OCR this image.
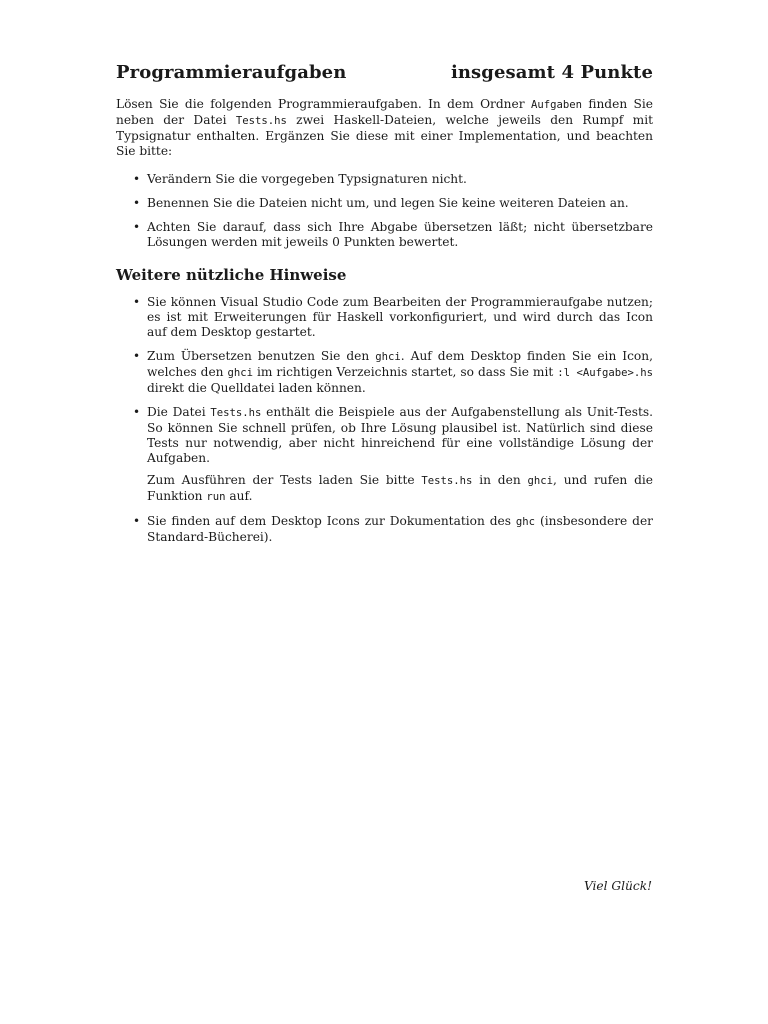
Programmieraufgaben	insgesamt 4 Punkte

Lösen Sie die folgenden Programmieraufgaben. In dem Ordner Aufgaben finden Sie neben der Datei Tests.hs zwei Haskell-Dateien, welche jeweils den Rumpf mit Typsignatur enthalten. Ergänzen Sie diese mit einer Implementation, und beachten Sie bitte:

• Verändern Sie die vorgegeben Typsignaturen nicht.
• Benennen Sie die Dateien nicht um, und legen Sie keine weiteren Dateien an.
• Achten Sie darauf, dass sich Ihre Abgabe übersetzen läßt; nicht übersetzbare Lösungen werden mit jeweils 0 Punkten bewertet.
Weitere nützliche Hinweise
• Sie können Visual Studio Code zum Bearbeiten der Programmieraufgabe nutzen; es ist mit Erweiterungen für Haskell vorkonfiguriert, und wird durch das Icon auf dem Desktop gestartet.
• Zum Übersetzen benutzen Sie den ghci. Auf dem Desktop finden Sie ein Icon, welches den ghci im richtigen Verzeichnis startet, so dass Sie mit :l <Aufgabe>.hs direkt die Quelldatei laden können.
• Die Datei Tests.hs enthält die Beispiele aus der Aufgabenstellung als Unit-Tests. So können Sie schnell prüfen, ob Ihre Lösung plausibel ist. Natürlich sind diese Tests nur notwendig, aber nicht hinreichend für eine vollständige Lösung der Aufgaben.
Zum Ausführen der Tests laden Sie bitte Tests.hs in den ghci, und rufen die Funktion run auf.
• Sie finden auf dem Desktop Icons zur Dokumentation des ghc (insbesondere der Standard-Bücherei).
Viel Glück!
